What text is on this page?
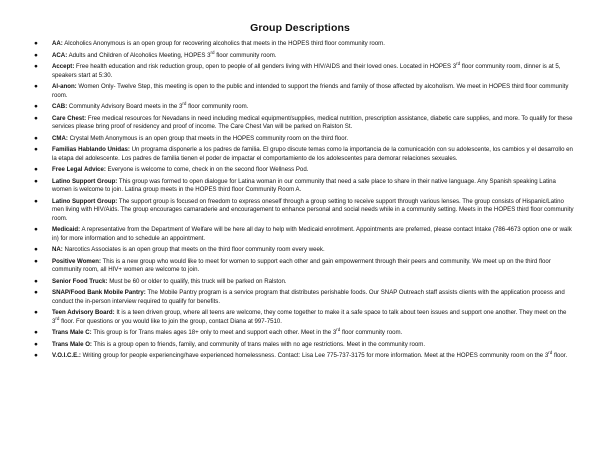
Group Descriptions
● AA: Alcoholics Anonymous is an open group for recovering alcoholics that meets in the HOPES third floor community room.
● ACA: Adults and Children of Alcoholics Meeting, HOPES 3rd floor community room.
● Accept: Free health education and risk reduction group, open to people of all genders living with HIV/AIDS and their loved ones. Located in HOPES 3rd floor community room, dinner is at 5, speakers start at 5:30.
● Al-anon: Women Only- Twelve Step, this meeting is open to the public and intended to support the friends and family of those affected by alcoholism. We meet in HOPES third floor community room.
● CAB: Community Advisory Board meets in the 3rd floor community room.
● Care Chest: Free medical resources for Nevadans in need including medical equipment/supplies, medical nutrition, prescription assistance, diabetic care supplies, and more. To qualify for these services please bring proof of residency and proof of income. The Care Chest Van will be parked on Ralston St.
● CMA: Crystal Meth Anonymous is an open group that meets in the HOPES community room on the third floor.
● Familias Hablando Unidas: Un programa disponerle a los padres de familia. El grupo discute temas como la importancia de la comunicación con su adolescente, los cambios y el desarrollo en la etapa del adolescente. Los padres de familia tienen el poder de impactar el comportamiento de los adolescentes para demorar relaciones sexuales.
● Free Legal Advice: Everyone is welcome to come, check in on the second floor Wellness Pod.
● Latino Support Group: This group was formed to open dialogue for Latina woman in our community that need a safe place to share in their native language. Any Spanish speaking Latina women is welcome to join. Latina group meets in the HOPES third floor Community Room A.
● Latino Support Group: The support group is focused on freedom to express oneself through a group setting to receive support through various lenses. The group consists of Hispanic/Latino men living with HIV/Aids. The group encourages camaraderie and encouragement to enhance personal and social needs while in a community setting. Meets in the HOPES third floor community room.
● Medicaid: A representative from the Department of Welfare will be here all day to help with Medicaid enrollment. Appointments are preferred, please contact Intake (786-4673 option one or walk in) for more information and to schedule an appointment.
● NA: Narcotics Associates is an open group that meets on the third floor community room every week.
● Positive Women: This is a new group who would like to meet for women to support each other and gain empowerment through their peers and community. We meet up on the third floor community room, all HIV+ women are welcome to join.
● Senior Food Truck: Must be 60 or older to qualify, this truck will be parked on Ralston.
● SNAP/Food Bank Mobile Pantry: The Mobile Pantry program is a service program that distributes perishable foods. Our SNAP Outreach staff assists clients with the application process and conduct the in-person interview required to qualify for benefits.
● Teen Advisory Board: It is a teen driven group, where all teens are welcome, they come together to make it a safe space to talk about teen issues and support one another. They meet on the 3rd floor. For questions or you would like to join the group, contact Diana at 997-7510.
● Trans Male C: This group is for Trans males ages 18+ only to meet and support each other. Meet in the 3rd floor community room.
● Trans Male O: This is a group open to friends, family, and community of trans males with no age restrictions. Meet in the community room.
● V.O.I.C.E.: Writing group for people experiencing/have experienced homelessness. Contact: Lisa Lee 775-737-3175 for more information. Meet at the HOPES community room on the 3rd floor.
